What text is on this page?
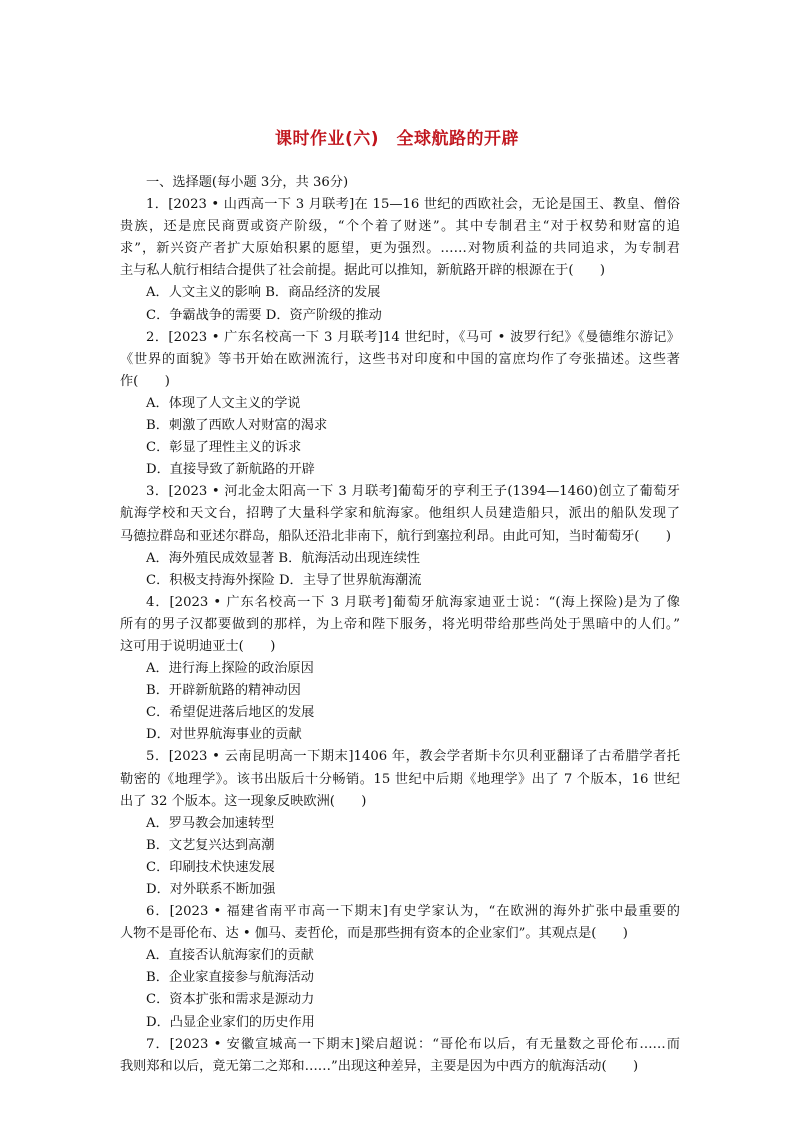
课时作业(六)　全球航路的开辟
一、选择题(每小题 3分，共 36分)
1．[2023 • 山西高一下 3 月联考]在 15—16 世纪的西欧社会，无论是国王、教皇、僧俗
贵族，还是庶民商贾或资产阶级，“个个着了财迷”。其中专制君主“对于权势和财富的追
求”，新兴资产者扩大原始积累的愿望，更为强烈。……对物质利益的共同追求，为专制君
主与私人航行相结合提供了社会前提。据此可以推知，新航路开辟的根源在于(　　)
A．人文主义的影响 B．商品经济的发展
C．争霸战争的需要 D．资产阶级的推动
2．[2023 • 广东名校高一下 3 月联考]14 世纪时，《马可 • 波罗行纪》《曼德维尔游记》
《世界的面貌》等书开始在欧洲流行，这些书对印度和中国的富庶均作了夸张描述。这些著
作(　　)
A．体现了人文主义的学说
B．刺激了西欧人对财富的渴求
C．彰显了理性主义的诉求
D．直接导致了新航路的开辟
3．[2023 • 河北金太阳高一下 3 月联考]葡萄牙的亨利王子(1394—1460)创立了葡萄牙
航海学校和天文台，招聘了大量科学家和航海家。他组织人员建造船只，派出的船队发现了
马德拉群岛和亚述尔群岛，船队还沿北非南下，航行到塞拉利昂。由此可知，当时葡萄牙(　　)
A．海外殖民成效显著 B．航海活动出现连续性
C．积极支持海外探险 D．主导了世界航海潮流
4．[2023 • 广东名校高一下 3 月联考]葡萄牙航海家迪亚士说：“(海上探险)是为了像
所有的男子汉都要做到的那样，为上帝和陛下服务，将光明带给那些尚处于黑暗中的人们。”
这可用于说明迪亚士(　　)
A．进行海上探险的政治原因
B．开辟新航路的精神动因
C．希望促进落后地区的发展
D．对世界航海事业的贡献
5．[2023 • 云南昆明高一下期末]1406 年，教会学者斯卡尔贝利亚翻译了古希腊学者托
勒密的《地理学》。该书出版后十分畅销。15 世纪中后期《地理学》出了 7 个版本，16 世纪
出了 32 个版本。这一现象反映欧洲(　　)
A．罗马教会加速转型
B．文艺复兴达到高潮
C．印刷技术快速发展
D．对外联系不断加强
6．[2023 • 福建省南平市高一下期末]有史学家认为，“在欧洲的海外扩张中最重要的
人物不是哥伦布、达 • 伽马、麦哲伦，而是那些拥有资本的企业家们”。其观点是(　　)
A．直接否认航海家们的贡献
B．企业家直接参与航海活动
C．资本扩张和需求是源动力
D．凸显企业家们的历史作用
7．[2023 • 安徽宣城高一下期末]梁启超说：“哥伦布以后，有无量数之哥伦布……而
我则郑和以后，竟无第二之郑和……”出现这种差异，主要是因为中西方的航海活动(　　)
